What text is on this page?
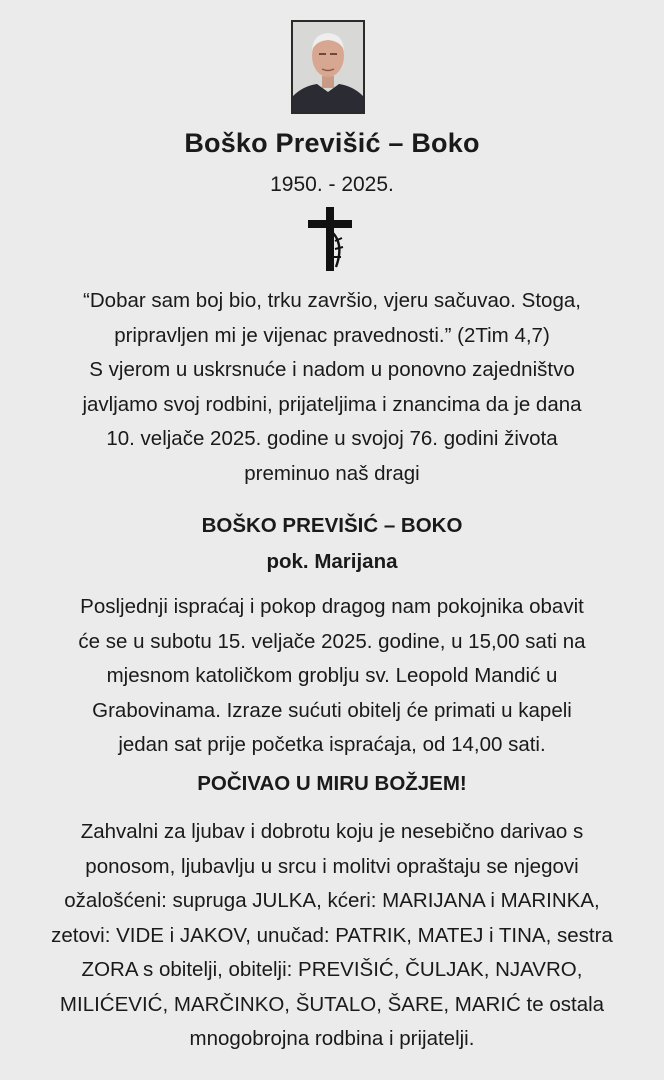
Boško Previšić – Boko
1950. - 2025.

“Dobar sam boj bio, trku završio, vjeru sačuvao. Stoga,

pripravljen mi je vijenac pravednosti.” (2Tim 4,7)

S vjerom u uskrsnuće i nadom u ponovno zajedništvo

javljamo svoj rodbini, prijateljima i znancima da je dana

10. veljače 2025. godine u svojoj 76. godini života

preminuo naš dragi

BOŠKO PREVIŠIĆ – BOKO

pok. Marijana

Posljednji ispraćaj i pokop dragog nam pokojnika obavit

će se u subotu 15. veljače 2025. godine, u 15,00 sati na

mjesnom katoličkom groblju sv. Leopold Mandić u

Grabovinama. Izraze sućuti obitelj će primati u kapeli

jedan sat prije početka ispraćaja, od 14,00 sati.

POČIVAO U MIRU BOŽJEM!

Zahvalni za ljubav i dobrotu koju je nesebično darivao s

ponosom, ljubavlju u srcu i molitvi opraštaju se njegovi

ožalošćeni: supruga JULKA, kćeri: MARIJANA i MARINKA,

zetovi: VIDE i JAKOV, unučad: PATRIK, MATEJ i TINA, sestra

ZORA s obitelji, obitelji: PREVIŠIĆ, ČULJAK, NJAVRO,

MILIĆEVIĆ, MARČINKO, ŠUTALO, ŠARE, MARIĆ te ostala

mnogobrojna rodbina i prijatelji.
